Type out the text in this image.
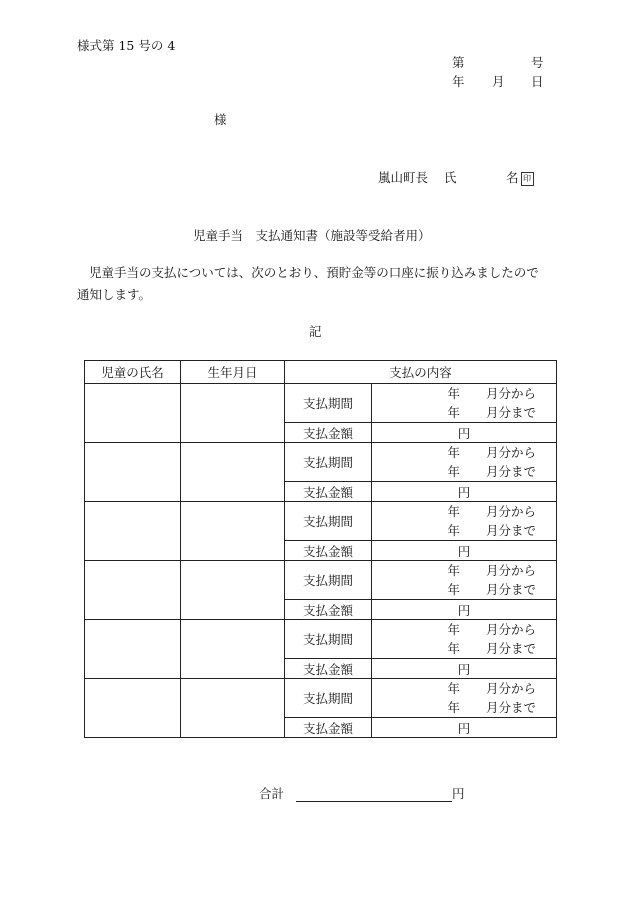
様式第 15 号の 4
第	号
年 月 日
様
嵐山町長 氏	名 印
児童手当　支払通知書（施設等受給者用）
児童手当の支払については、次のとおり、預貯金等の口座に振り込みましたので
通知します。
記
児童の氏名	生年月日	支払の内容	
		支払期間	年 月分から
年 月分まで

		支払金額	円
		支払期間	年 月分から
年 月分まで

		支払金額	円
		支払期間	年 月分から
年 月分まで

		支払金額	円
		支払期間	年 月分から
年 月分まで

		支払金額	円
		支払期間	年 月分から
年 月分まで

		支払金額	円
		支払期間	年 月分から
年 月分まで

		支払金額	円
合計	円
